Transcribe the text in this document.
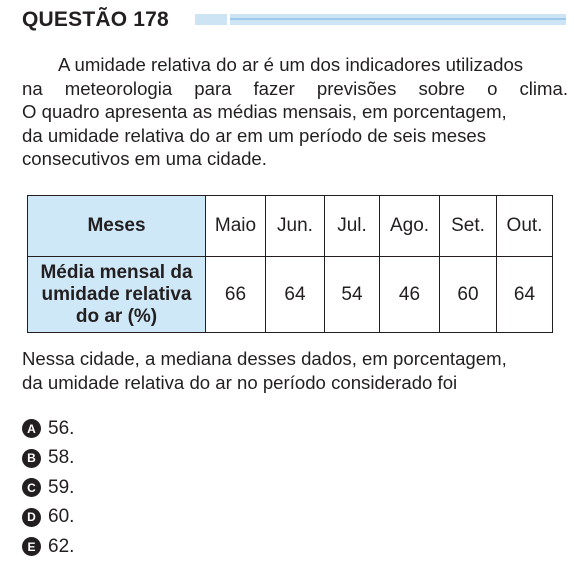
QUESTÃO 178
A umidade relativa do ar é um dos indicadores utilizados
na meteorologia para fazer previsões sobre o clima.
O quadro apresenta as médias mensais, em porcentagem,
da umidade relativa do ar em um período de seis meses
consecutivos em uma cidade.
Meses	Maio	Jun.	Jul.	Ago.	Set.	Out.

Média mensal da
umidade relativa
do ar (%)	66	64	54	46	60	64
Nessa cidade, a mediana desses dados, em porcentagem,
da umidade relativa do ar no período considerado foi
A 56.
B 58.
C 59.
D 60.
E 62.
